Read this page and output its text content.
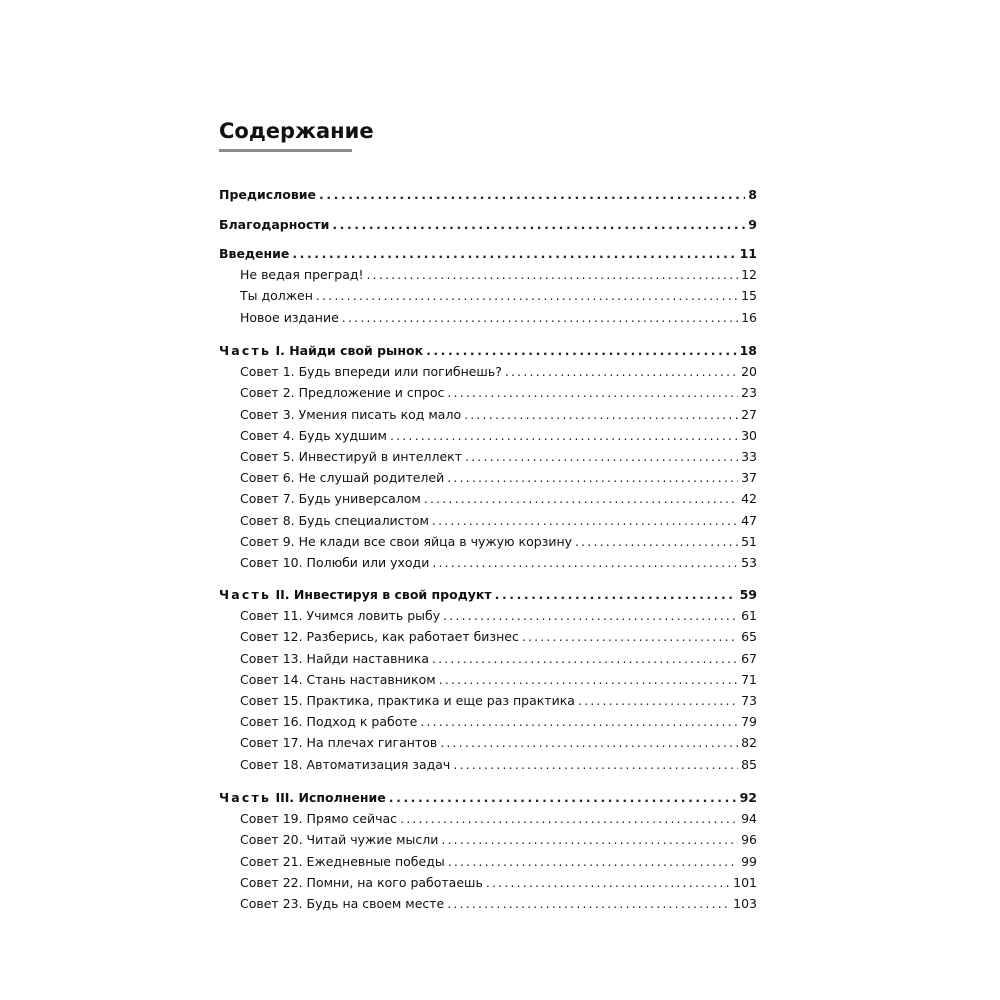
Содержание
Предисловие . . .	8
Благодарности . . .	9
Введение . . .	11
Не ведая преград! . . .	12
Ты должен . . .	15
Новое издание . . .	16
Часть I. Найди свой рынок . . .	18
Совет 1. Будь впереди или погибнешь? . . .	20
Совет 2. Предложение и спрос . . .	23
Совет 3. Умения писать код мало . . .	27
Совет 4. Будь худшим . . .	30
Совет 5. Инвестируй в интеллект . . .	33
Совет 6. Не слушай родителей . . .	37
Совет 7. Будь универсалом . . .	42
Совет 8. Будь специалистом . . .	47
Совет 9. Не клади все свои яйца в чужую корзину . . .	51
Совет 10. Полюби или уходи . . .	53
Часть II. Инвестируя в свой продукт . . .	59
Совет 11. Учимся ловить рыбу . . .	61
Совет 12. Разберись, как работает бизнес . . .	65
Совет 13. Найди наставника . . .	67
Совет 14. Стань наставником . . .	71
Совет 15. Практика, практика и еще раз практика . . .	73
Совет 16. Подход к работе . . .	79
Совет 17. На плечах гигантов . . .	82
Совет 18. Автоматизация задач . . .	85
Часть III. Исполнение . . .	92
Совет 19. Прямо сейчас . . .	94
Совет 20. Читай чужие мысли . . .	96
Совет 21. Ежедневные победы . . .	99
Совет 22. Помни, на кого работаешь . . .	101
Совет 23. Будь на своем месте . . .	103
